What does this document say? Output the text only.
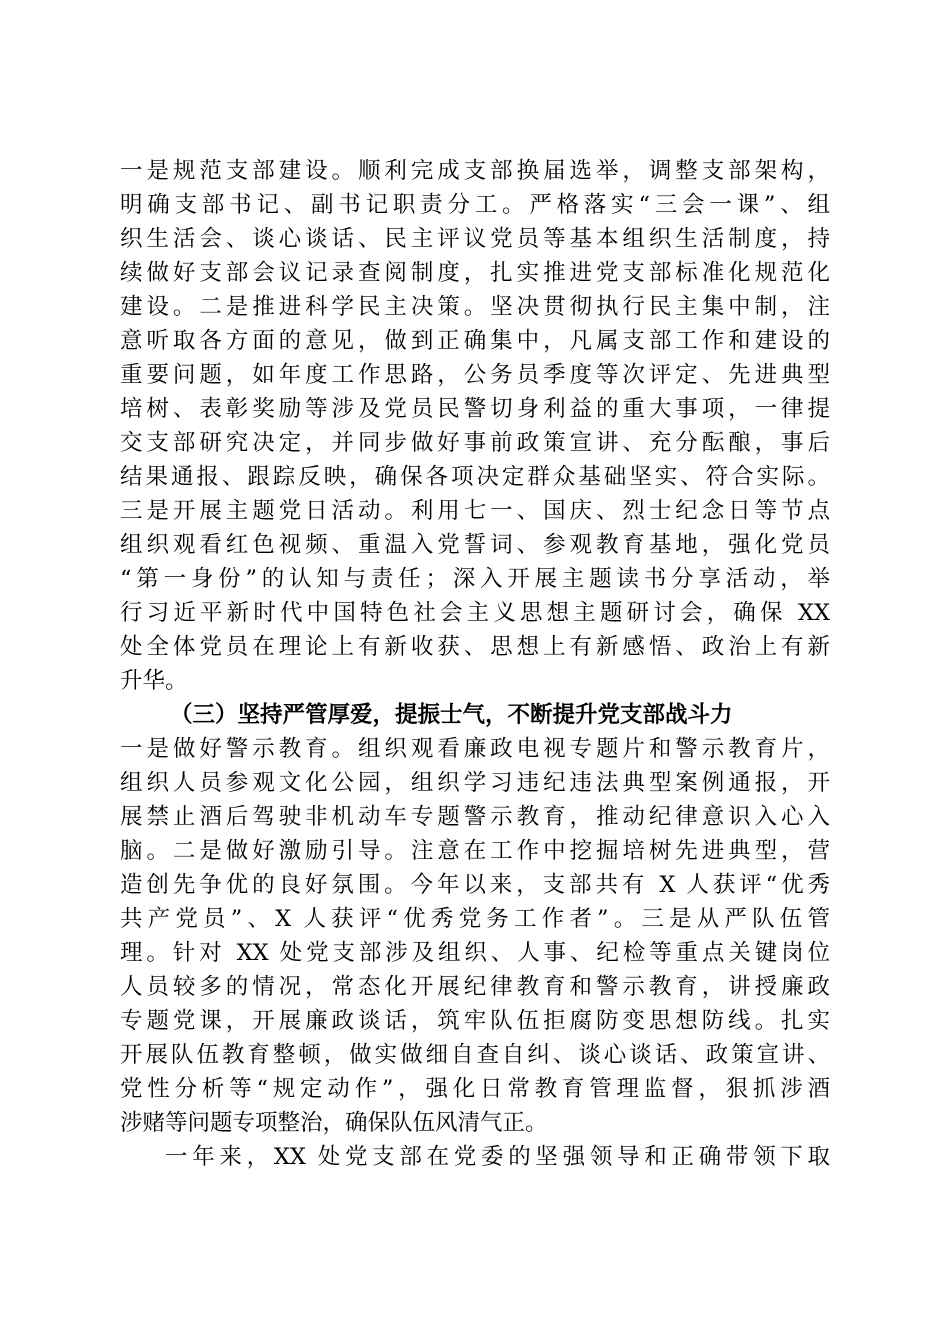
一是规范支部建设。顺利完成支部换届选举，调整支部架构，

明确支部书记、副书记职责分工。严格落实“三会一课”、组

织生活会、谈心谈话、民主评议党员等基本组织生活制度，持

续做好支部会议记录查阅制度，扎实推进党支部标准化规范化

建设。二是推进科学民主决策。坚决贯彻执行民主集中制，注

意听取各方面的意见，做到正确集中，凡属支部工作和建设的

重要问题，如年度工作思路，公务员季度等次评定、先进典型

培树、表彰奖励等涉及党员民警切身利益的重大事项，一律提

交支部研究决定，并同步做好事前政策宣讲、充分酝酿，事后

结果通报、跟踪反映，确保各项决定群众基础坚实、符合实际。

三是开展主题党日活动。利用七一、国庆、烈士纪念日等节点

组织观看红色视频、重温入党誓词、参观教育基地，强化党员

“第一身份”的认知与责任；深入开展主题读书分享活动，举

行习近平新时代中国特色社会主义思想主题研讨会，确保 XX

处全体党员在理论上有新收获、思想上有新感悟、政治上有新

升华。

（三）坚持严管厚爱，提振士气，不断提升党支部战斗力

一是做好警示教育。组织观看廉政电视专题片和警示教育片，

组织人员参观文化公园，组织学习违纪违法典型案例通报，开

展禁止酒后驾驶非机动车专题警示教育，推动纪律意识入心入

脑。二是做好激励引导。注意在工作中挖掘培树先进典型，营

造创先争优的良好氛围。今年以来，支部共有 X 人获评“优秀

共产党员”、X 人获评“优秀党务工作者”。三是从严队伍管

理。针对 XX 处党支部涉及组织、人事、纪检等重点关键岗位

人员较多的情况，常态化开展纪律教育和警示教育，讲授廉政

专题党课，开展廉政谈话，筑牢队伍拒腐防变思想防线。扎实

开展队伍教育整顿，做实做细自查自纠、谈心谈话、政策宣讲、

党性分析等“规定动作”，强化日常教育管理监督，狠抓涉酒

涉赌等问题专项整治，确保队伍风清气正。

一年来，XX 处党支部在党委的坚强领导和正确带领下取
